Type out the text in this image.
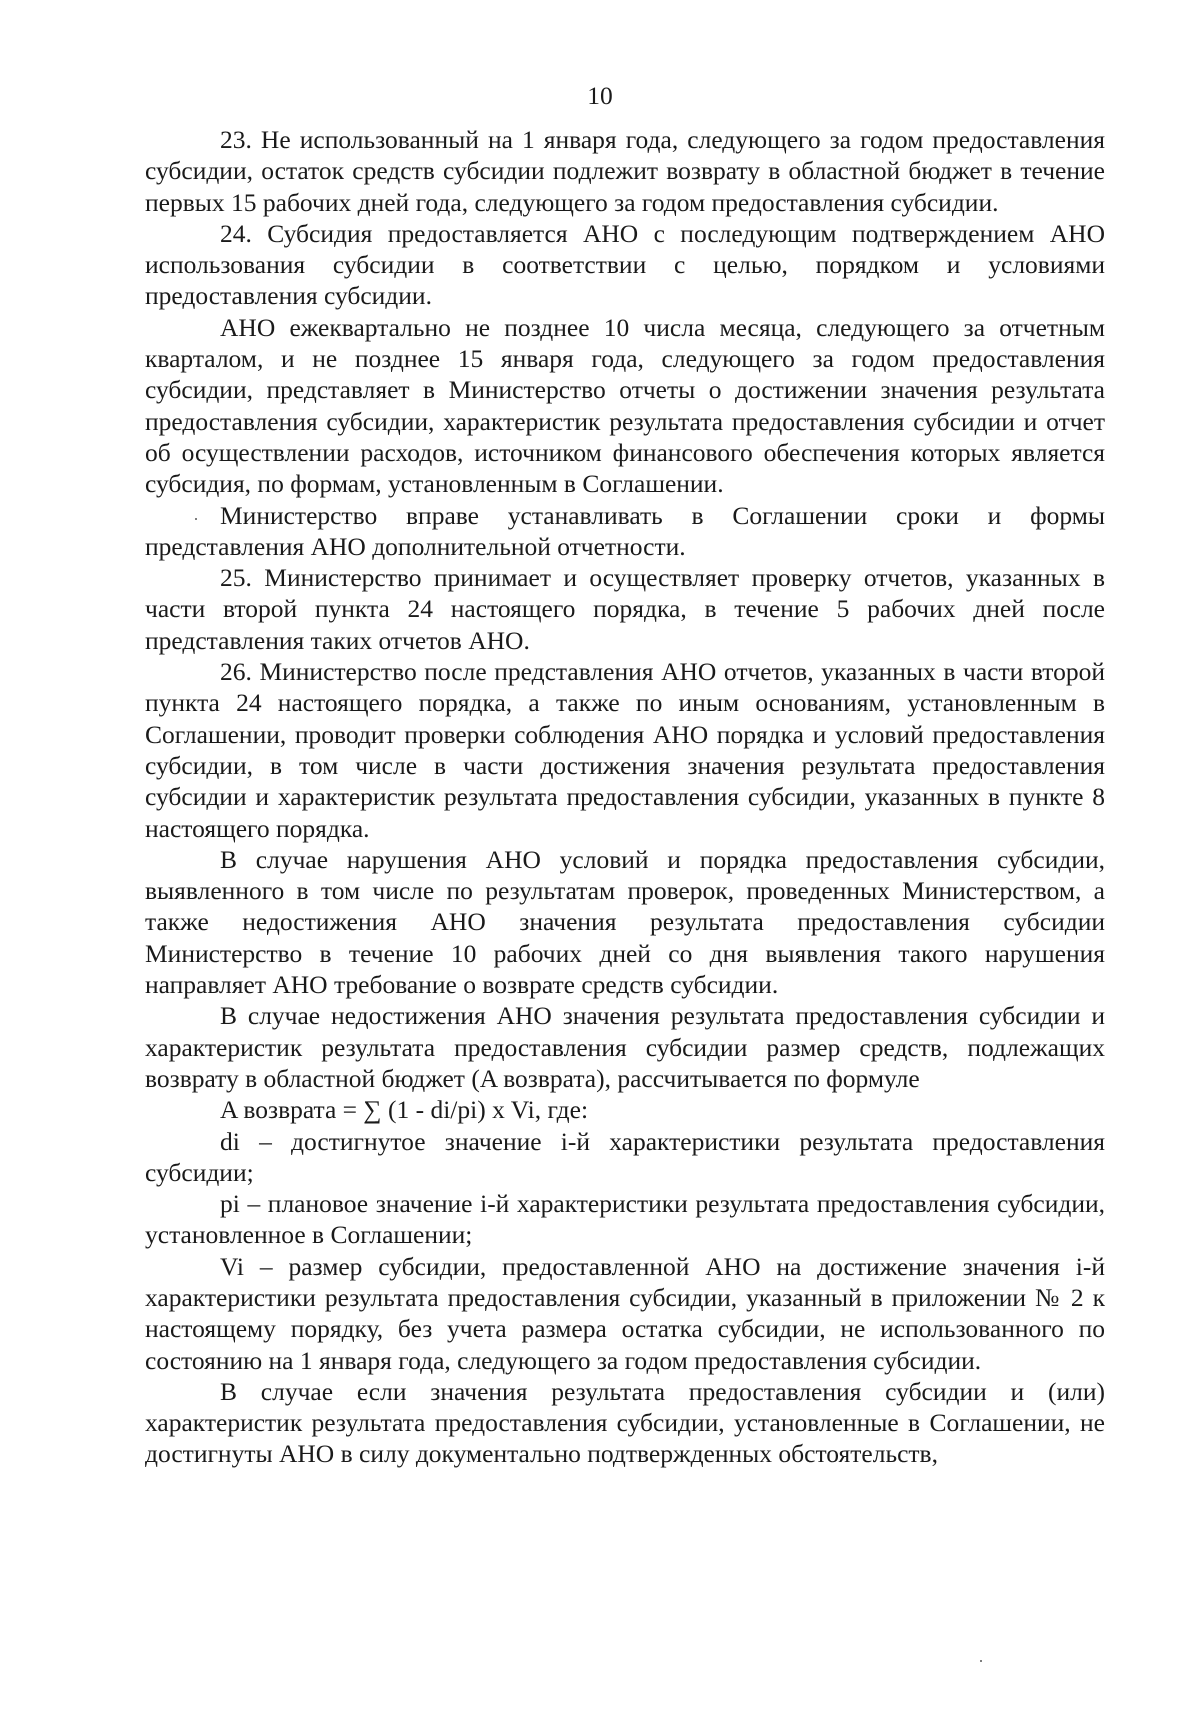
10

23. Не использованный на 1 января года, следующего за годом предоставления субсидии, остаток средств субсидии подлежит возврату в областной бюджет в течение первых 15 рабочих дней года, следующего за годом предоставления субсидии.

24. Субсидия предоставляется АНО с последующим подтверждением АНО использования субсидии в соответствии с целью, порядком и условиями предоставления субсидии.

АНО ежеквартально не позднее 10 числа месяца, следующего за отчетным кварталом, и не позднее 15 января года, следующего за годом предоставления субсидии, представляет в Министерство отчеты о достижении значения результата предоставления субсидии, характеристик результата предоставления субсидии и отчет об осуществлении расходов, источником финансового обеспечения которых является субсидия, по формам, установленным в Соглашении.

Министерство вправе устанавливать в Соглашении сроки и формы представления АНО дополнительной отчетности.

25. Министерство принимает и осуществляет проверку отчетов, указанных в части второй пункта 24 настоящего порядка, в течение 5 рабочих дней после представления таких отчетов АНО.

26. Министерство после представления АНО отчетов, указанных в части второй пункта 24 настоящего порядка, а также по иным основаниям, установленным в Соглашении, проводит проверки соблюдения АНО порядка и условий предоставления субсидии, в том числе в части достижения значения результата предоставления субсидии и характеристик результата предоставления субсидии, указанных в пункте 8 настоящего порядка.

В случае нарушения АНО условий и порядка предоставления субсидии, выявленного в том числе по результатам проверок, проведенных Министерством, а также недостижения АНО значения результата предоставления субсидии Министерство в течение 10 рабочих дней со дня выявления такого нарушения направляет АНО требование о возврате средств субсидии.

В случае недостижения АНО значения результата предоставления субсидии и характеристик результата предоставления субсидии размер средств, подлежащих возврату в областной бюджет (A возврата), рассчитывается по формуле

A возврата = ∑ (1 - di/pi) x Vi, где:

di – достигнутое значение i-й характеристики результата предоставления субсидии;

pi – плановое значение i-й характеристики результата предоставления субсидии, установленное в Соглашении;

Vi – размер субсидии, предоставленной АНО на достижение значения i-й характеристики результата предоставления субсидии, указанный в приложении № 2 к настоящему порядку, без учета размера остатка субсидии, не использованного по состоянию на 1 января года, следующего за годом предоставления субсидии.

В случае если значения результата предоставления субсидии и (или) характеристик результата предоставления субсидии, установленные в Соглашении, не достигнуты АНО в силу документально подтвержденных обстоятельств,
